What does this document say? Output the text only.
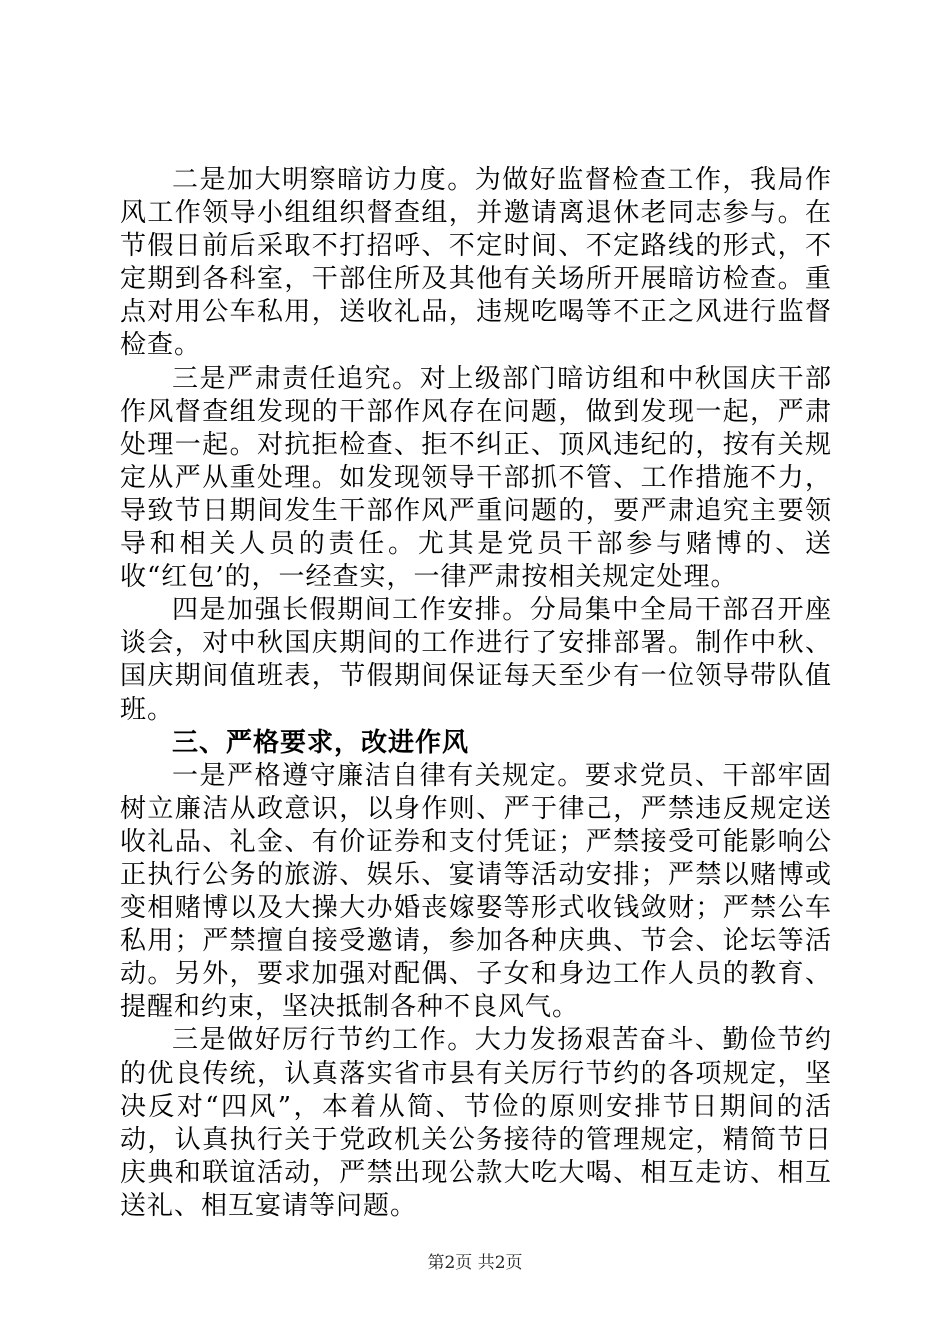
二是加大明察暗访力度。为做好监督检查工作，我局作风工作领导小组组织督查组，并邀请离退休老同志参与。在节假日前后采取不打招呼、不定时间、不定路线的形式，不定期到各科室，干部住所及其他有关场所开展暗访检查。重点对用公车私用，送收礼品，违规吃喝等不正之风进行监督检查。

三是严肃责任追究。对上级部门暗访组和中秋国庆干部作风督查组发现的干部作风存在问题，做到发现一起，严肃处理一起。对抗拒检查、拒不纠正、顶风违纪的，按有关规定从严从重处理。如发现领导干部抓不管、工作措施不力，导致节日期间发生干部作风严重问题的，要严肃追究主要领导和相关人员的责任。尤其是党员干部参与赌博的、送收“红包’的，一经查实，一律严肃按相关规定处理。

四是加强长假期间工作安排。分局集中全局干部召开座谈会，对中秋国庆期间的工作进行了安排部署。制作中秋、国庆期间值班表，节假期间保证每天至少有一位领导带队值班。

三、严格要求，改进作风

一是严格遵守廉洁自律有关规定。要求党员、干部牢固树立廉洁从政意识，以身作则、严于律己，严禁违反规定送收礼品、礼金、有价证券和支付凭证；严禁接受可能影响公正执行公务的旅游、娱乐、宴请等活动安排；严禁以赌博或变相赌博以及大操大办婚丧嫁娶等形式收钱敛财；严禁公车私用；严禁擅自接受邀请，参加各种庆典、节会、论坛等活动。另外，要求加强对配偶、子女和身边工作人员的教育、提醒和约束，坚决抵制各种不良风气。

三是做好厉行节约工作。大力发扬艰苦奋斗、勤俭节约的优良传统，认真落实省市县有关厉行节约的各项规定，坚决反对“四风”，本着从简、节俭的原则安排节日期间的活动，认真执行关于党政机关公务接待的管理规定，精简节日庆典和联谊活动，严禁出现公款大吃大喝、相互走访、相互送礼、相互宴请等问题。

第2页 共2页
